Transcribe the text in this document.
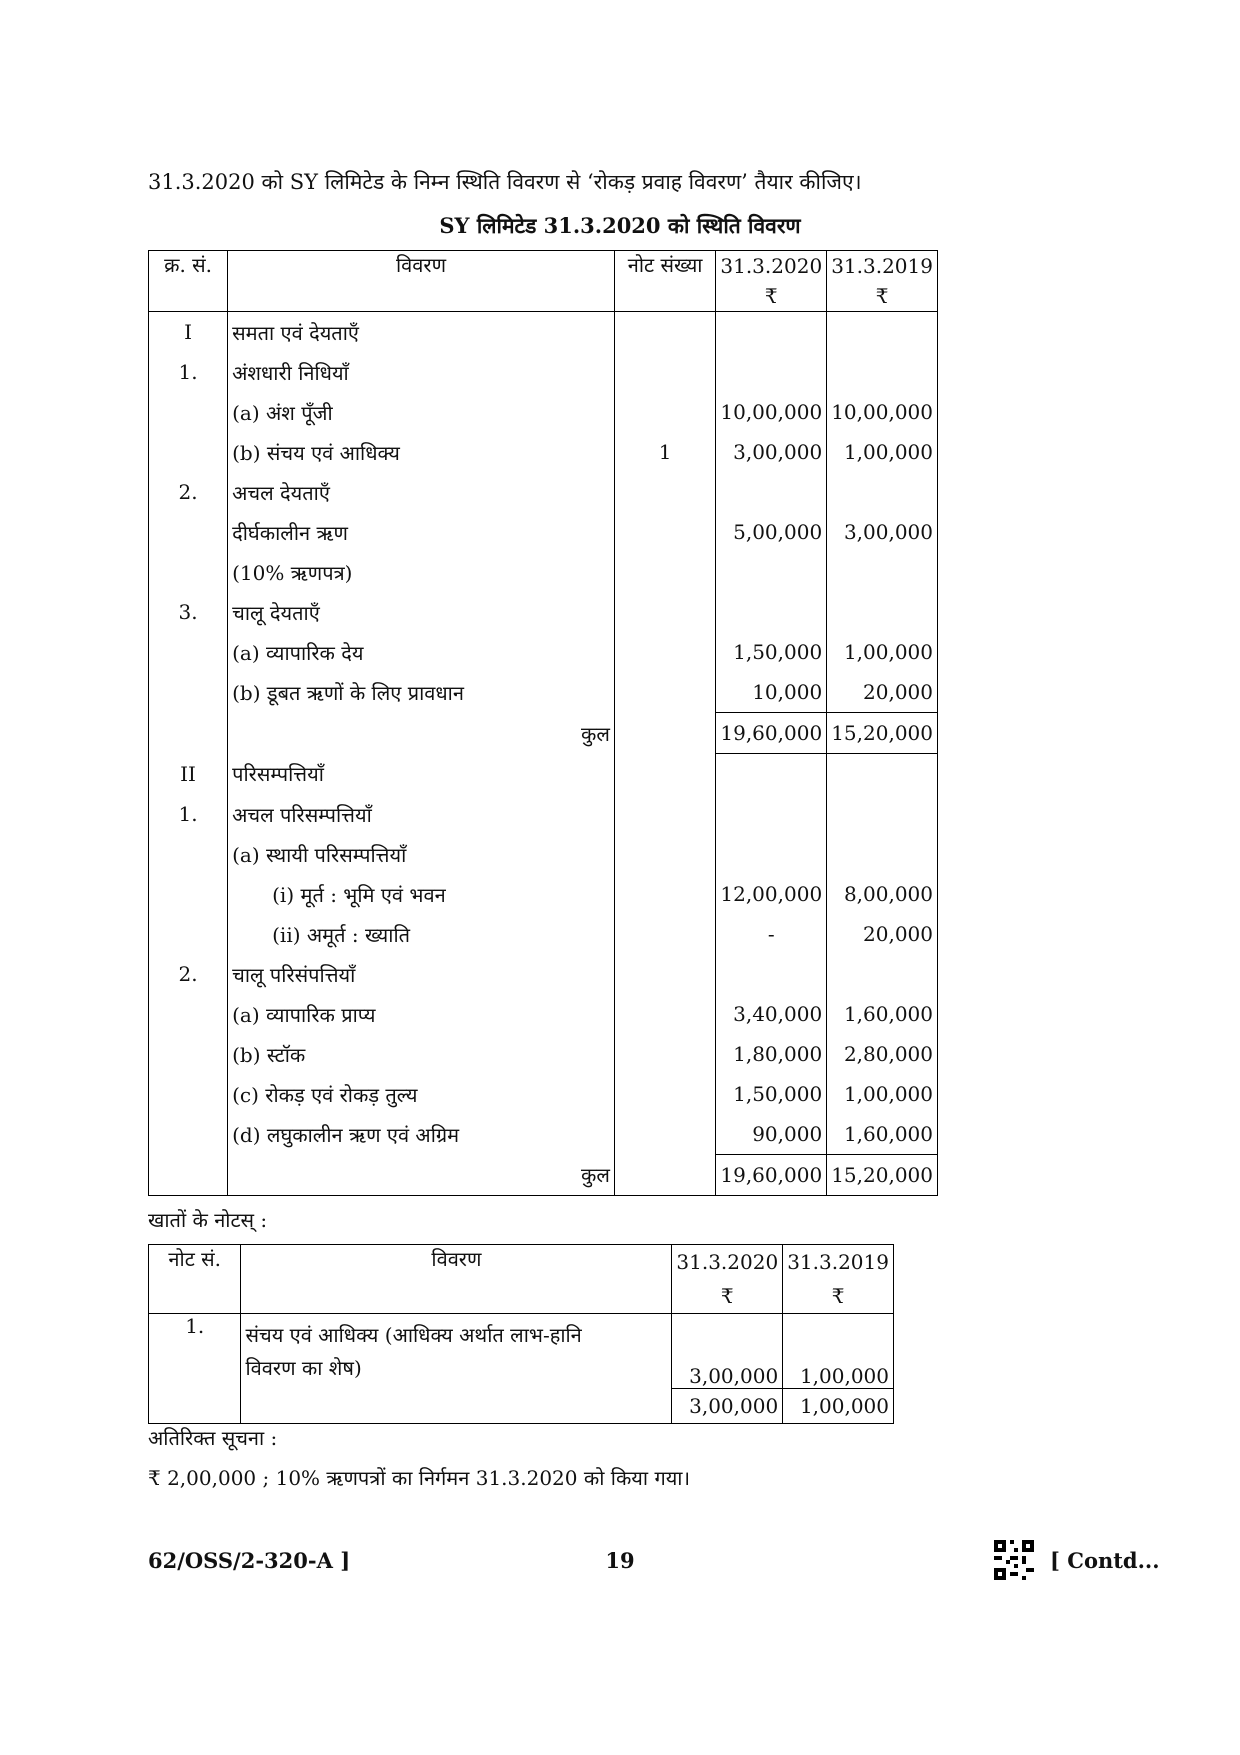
31.3.2020 को SY लिमिटेड के निम्न स्थिति विवरण से ‘रोकड़ प्रवाह विवरण’ तैयार कीजिए।
SY लिमिटेड 31.3.2020 को स्थिति विवरण
क्र. सं.	विवरण	नोट संख्या	31.3.2020	31.3.2019
			₹	₹
I	समता एवं देयताएँ			
1.	अंशधारी निधियाँ			
	(a) अंश पूँजी		10,00,000	10,00,000
	(b) संचय एवं आधिक्य	1	3,00,000	1,00,000
2.	अचल देयताएँ			
	दीर्घकालीन ऋण		5,00,000	3,00,000
	(10% ऋणपत्र)			
3.	चालू देयताएँ			
	(a) व्यापारिक देय		1,50,000	1,00,000
	(b) डूबत ऋणों के लिए प्रावधान		10,000	20,000
	कुल		19,60,000	15,20,000
II	परिसम्पत्तियाँ			
1.	अचल परिसम्पत्तियाँ			
	(a) स्थायी परिसम्पत्तियाँ			
	(i) मूर्त : भूमि एवं भवन		12,00,000	8,00,000
	(ii) अमूर्त : ख्याति		-	20,000
2.	चालू परिसंपत्तियाँ			
	(a) व्यापारिक प्राप्य		3,40,000	1,60,000
	(b) स्टॉक		1,80,000	2,80,000
	(c) रोकड़ एवं रोकड़ तुल्य		1,50,000	1,00,000
	(d) लघुकालीन ऋण एवं अग्रिम		90,000	1,60,000
	कुल		19,60,000	15,20,000
खातों के नोटस् :
नोट सं.	विवरण	31.3.2020	31.3.2019
		₹	₹
1.	संचय एवं आधिक्य (आधिक्य अर्थात लाभ-हानि		
	विवरण का शेष)	3,00,000	1,00,000
		3,00,000	1,00,000
अतिरिक्त सूचना :
₹ 2,00,000 ; 10% ऋणपत्रों का निर्गमन 31.3.2020 को किया गया।
62/OSS/2-320-A ]	19	[ Contd...
